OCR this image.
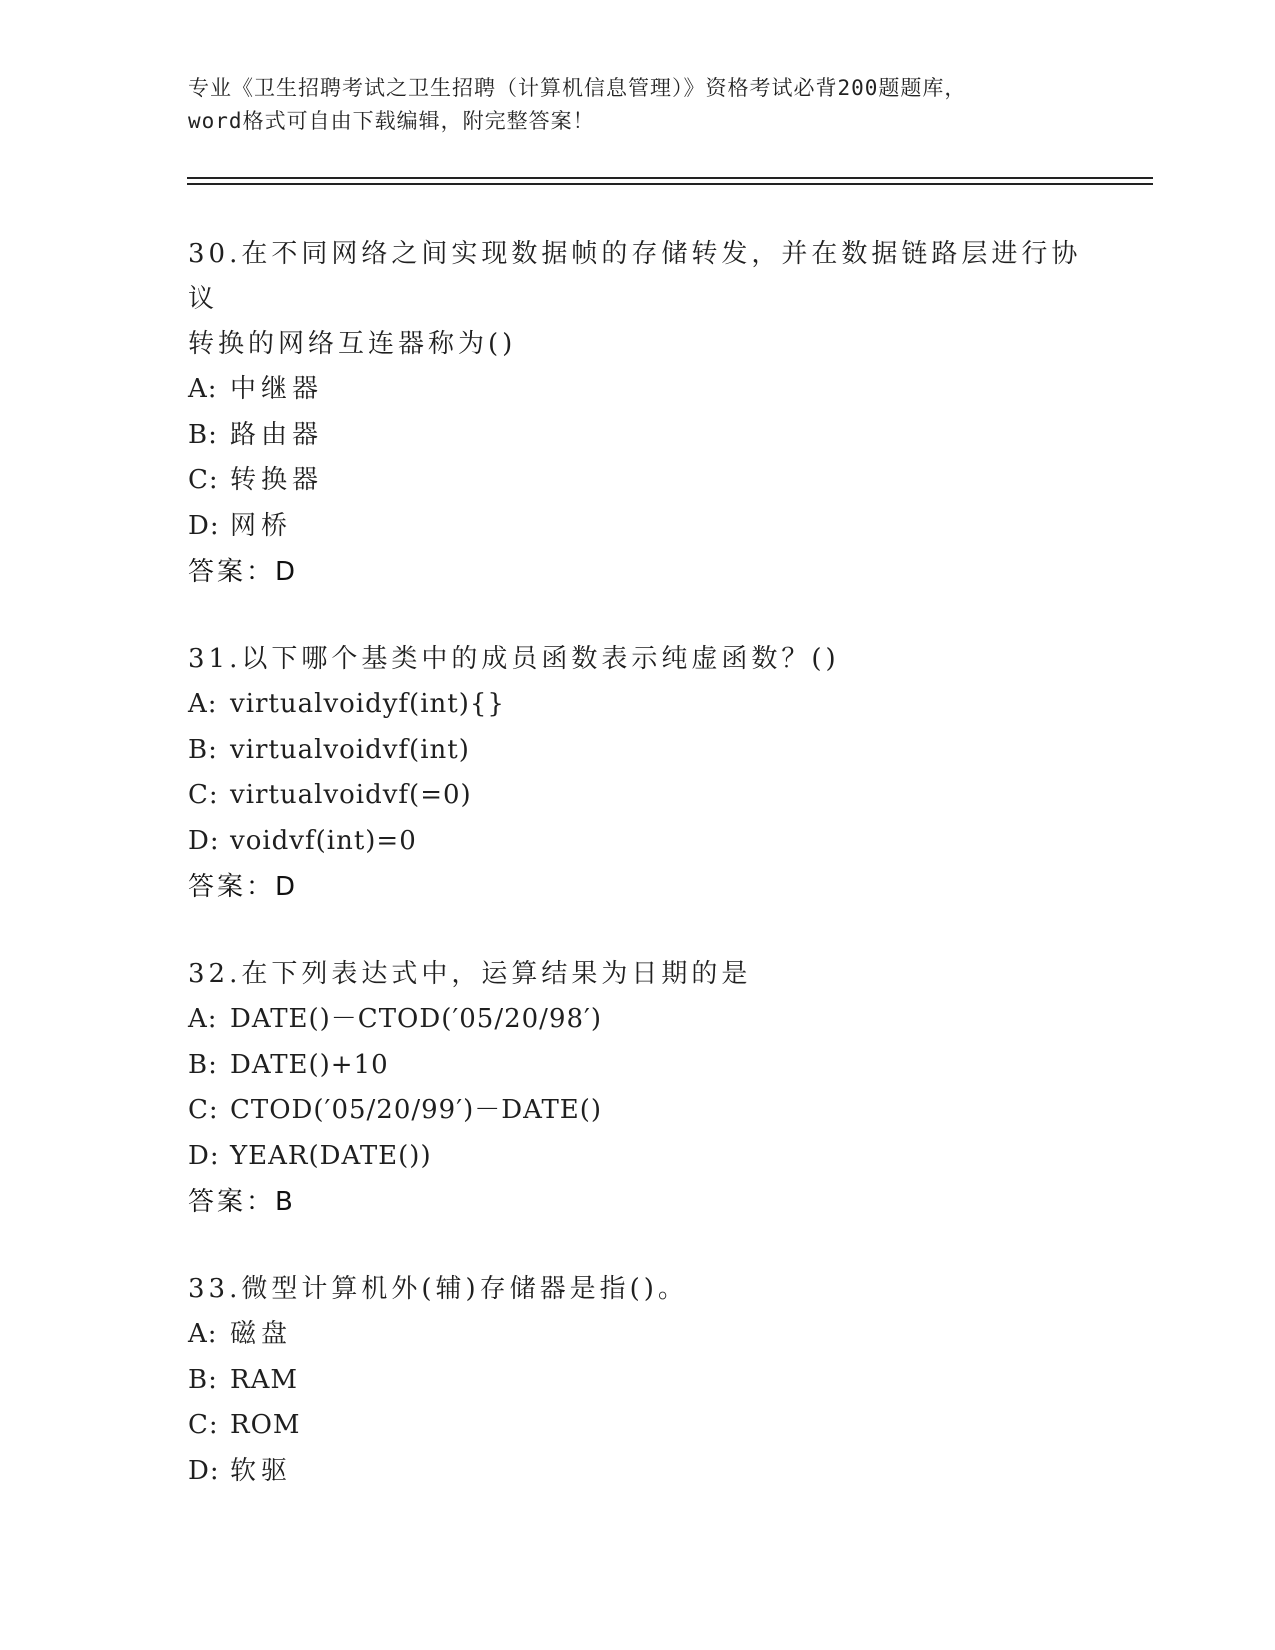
专业《卫生招聘考试之卫生招聘（计算机信息管理）》资格考试必背200题题库，
word格式可自由下载编辑，附完整答案！
30.在不同网络之间实现数据帧的存储转发，并在数据链路层进行协议
转换的网络互连器称为()
A: 中继器
B: 路由器
C: 转换器
D: 网桥
答案：D
31.以下哪个基类中的成员函数表示纯虚函数？()
A: virtualvoidyf(int){}
B: virtualvoidvf(int)
C: virtualvoidvf(=0)
D: voidvf(int)=0
答案：D
32.在下列表达式中，运算结果为日期的是
A: DATE()－CTOD(′05/20/98′)
B: DATE()+10
C: CTOD(′05/20/99′)－DATE()
D: YEAR(DATE())
答案：B
33.微型计算机外(辅)存储器是指()。
A: 磁盘
B: RAM
C: ROM
D: 软驱
